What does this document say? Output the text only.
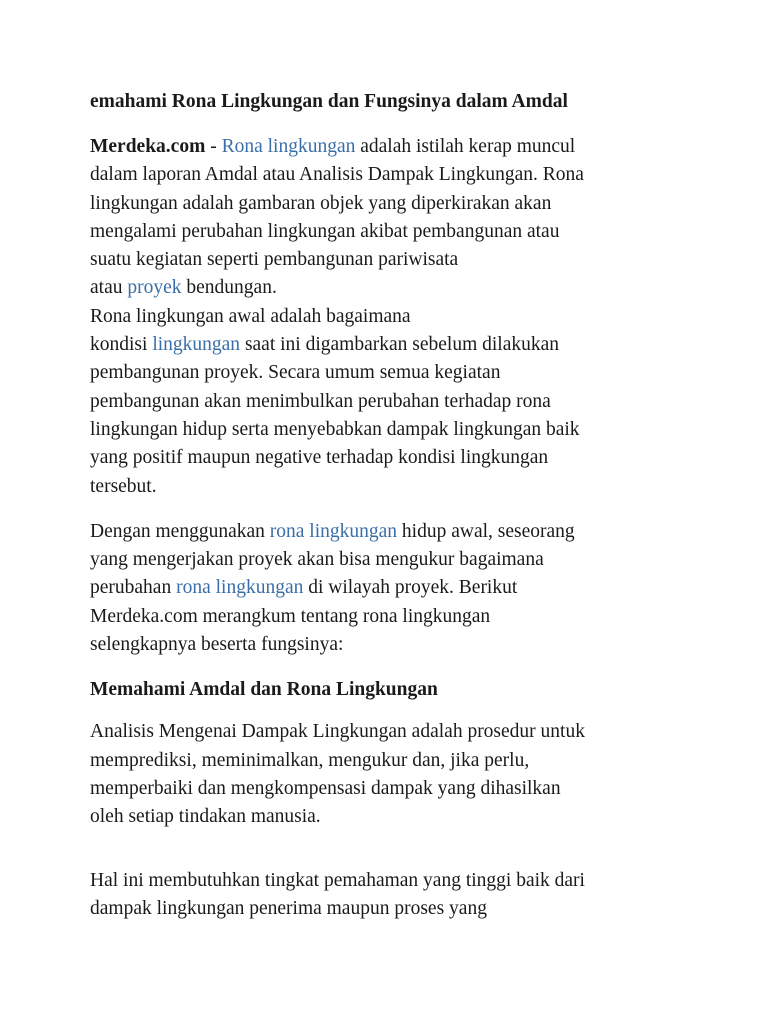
emahami Rona Lingkungan dan Fungsinya dalam Amdal
Merdeka.com - Rona lingkungan adalah istilah kerap muncul
dalam laporan Amdal atau Analisis Dampak Lingkungan. Rona
lingkungan adalah gambaran objek yang diperkirakan akan
mengalami perubahan lingkungan akibat pembangunan atau
suatu kegiatan seperti pembangunan pariwisata
atau proyek bendungan.
Rona lingkungan awal adalah bagaimana
kondisi lingkungan saat ini digambarkan sebelum dilakukan
pembangunan proyek. Secara umum semua kegiatan
pembangunan akan menimbulkan perubahan terhadap rona
lingkungan hidup serta menyebabkan dampak lingkungan baik
yang positif maupun negative terhadap kondisi lingkungan
tersebut.
Dengan menggunakan rona lingkungan hidup awal, seseorang
yang mengerjakan proyek akan bisa mengukur bagaimana
perubahan rona lingkungan di wilayah proyek. Berikut
Merdeka.com merangkum tentang rona lingkungan
selengkapnya beserta fungsinya:
Memahami Amdal dan Rona Lingkungan
Analisis Mengenai Dampak Lingkungan adalah prosedur untuk
memprediksi, meminimalkan, mengukur dan, jika perlu,
memperbaiki dan mengkompensasi dampak yang dihasilkan
oleh setiap tindakan manusia.
Hal ini membutuhkan tingkat pemahaman yang tinggi baik dari
dampak lingkungan penerima maupun proses yang
